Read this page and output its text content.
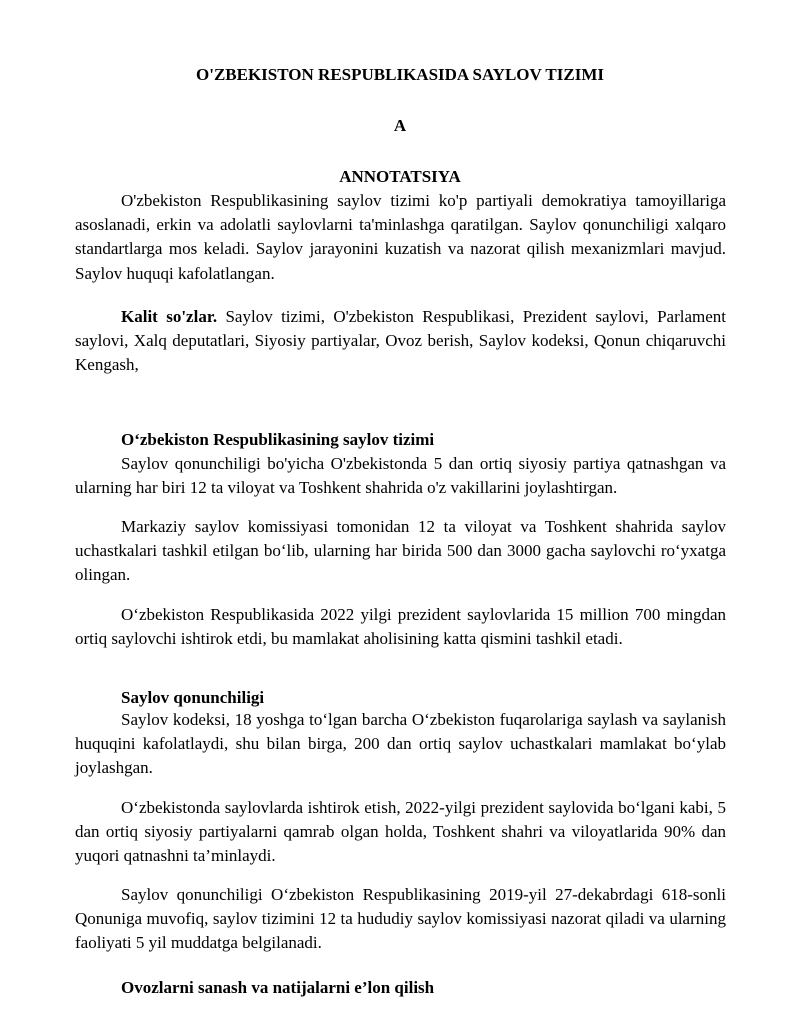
O'ZBEKISTON RESPUBLIKASIDA SAYLOV TIZIMI

A

ANNOTATSIYA

O'zbekiston Respublikasining saylov tizimi ko'p partiyali demokratiya tamoyillariga asoslanadi, erkin va adolatli saylovlarni ta'minlashga qaratilgan. Saylov qonunchiligi xalqaro standartlarga mos keladi. Saylov jarayonini kuzatish va nazorat qilish mexanizmlari mavjud. Saylov huquqi kafolatlangan.

Kalit so'zlar. Saylov tizimi, O'zbekiston Respublikasi, Prezident saylovi, Parlament saylovi, Xalq deputatlari, Siyosiy partiyalar, Ovoz berish, Saylov kodeksi, Qonun chiqaruvchi Kengash,

O‘zbekiston Respublikasining saylov tizimi

Saylov qonunchiligi bo'yicha O'zbekistonda 5 dan ortiq siyosiy partiya qatnashgan va ularning har biri 12 ta viloyat va Toshkent shahrida o'z vakillarini joylashtirgan.

Markaziy saylov komissiyasi tomonidan 12 ta viloyat va Toshkent shahrida saylov uchastkalari tashkil etilgan bo‘lib, ularning har birida 500 dan 3000 gacha saylovchi ro‘yxatga olingan.

O‘zbekiston Respublikasida 2022 yilgi prezident saylovlarida 15 million 700 mingdan ortiq saylovchi ishtirok etdi, bu mamlakat aholisining katta qismini tashkil etadi.

Saylov qonunchiligi

Saylov kodeksi, 18 yoshga to‘lgan barcha O‘zbekiston fuqarolariga saylash va saylanish huquqini kafolatlaydi, shu bilan birga, 200 dan ortiq saylov uchastkalari mamlakat bo‘ylab joylashgan.

O‘zbekistonda saylovlarda ishtirok etish, 2022-yilgi prezident saylovida bo‘lgani kabi, 5 dan ortiq siyosiy partiyalarni qamrab olgan holda, Toshkent shahri va viloyatlarida 90% dan yuqori qatnashni ta’minlaydi.

Saylov qonunchiligi O‘zbekiston Respublikasining 2019-yil 27-dekabrdagi 618-sonli Qonuniga muvofiq, saylov tizimini 12 ta hududiy saylov komissiyasi nazorat qiladi va ularning faoliyati 5 yil muddatga belgilanadi.

Ovozlarni sanash va natijalarni e’lon qilish
